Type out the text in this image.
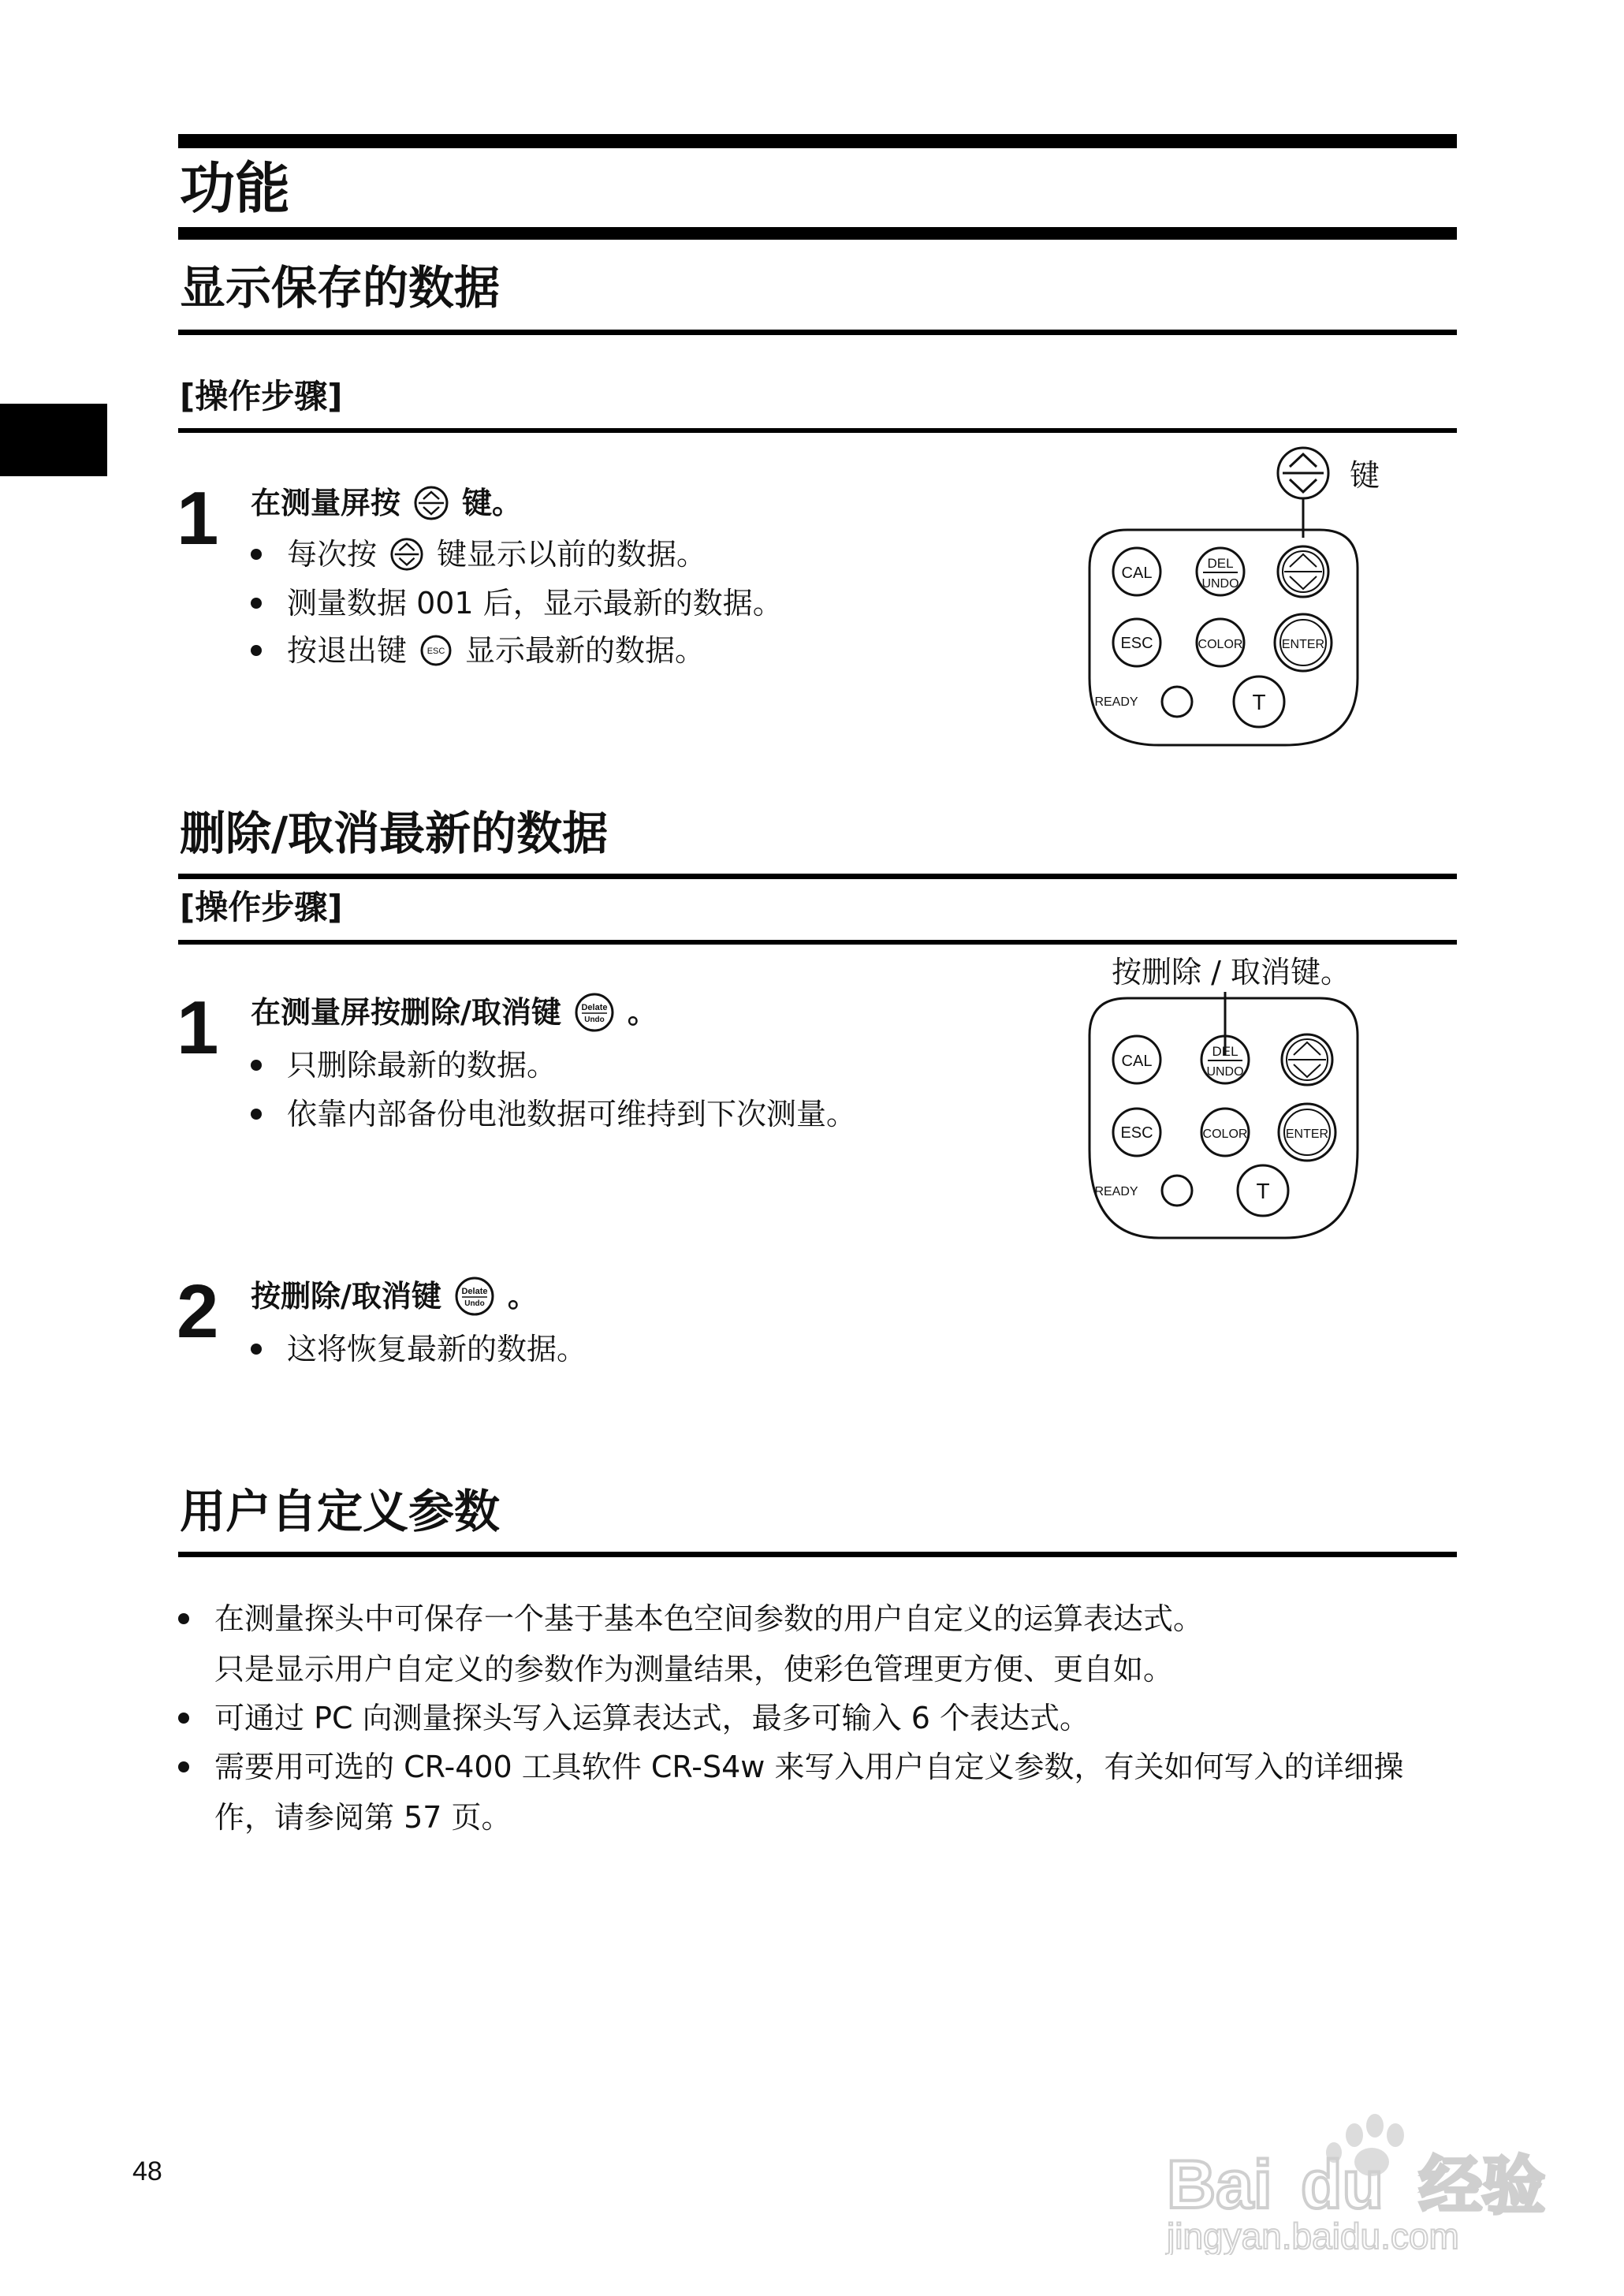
功能
显示保存的数据
[操作步骤]
1 在测量屏按 键。
每次按 键显示以前的数据。
测量数据 001 后，显示最新的数据。
按退出键 ESC 显示最新的数据。
键
CAL
DEL
UNDO
ESC	COLOR	ENTER
READY	T
删除/取消最新的数据
[操作步骤]
1 在测量屏按删除/取消键 Delate
Undo 。
只删除最新的数据。
依靠内部备份电池数据可维持到下次测量。
按删除 / 取消键。
CAL
DEL
UNDO
ESC	COLOR	ENTER
READY	T
2 按删除/取消键 Delate
Undo 。
这将恢复最新的数据。
用户自定义参数
在测量探头中可保存一个基于基本色空间参数的用户自定义的运算表达式。
只是显示用户自定义的参数作为测量结果，使彩色管理更方便、更自如。
可通过 PC 向测量探头写入运算表达式，最多可输入 6 个表达式。
需要用可选的 CR-400 工具软件 CR-S4w 来写入用户自定义参数，有关如何写入的详细操
作，请参阅第 57 页。
48	Bai du 经验
jingyan.baidu.com
